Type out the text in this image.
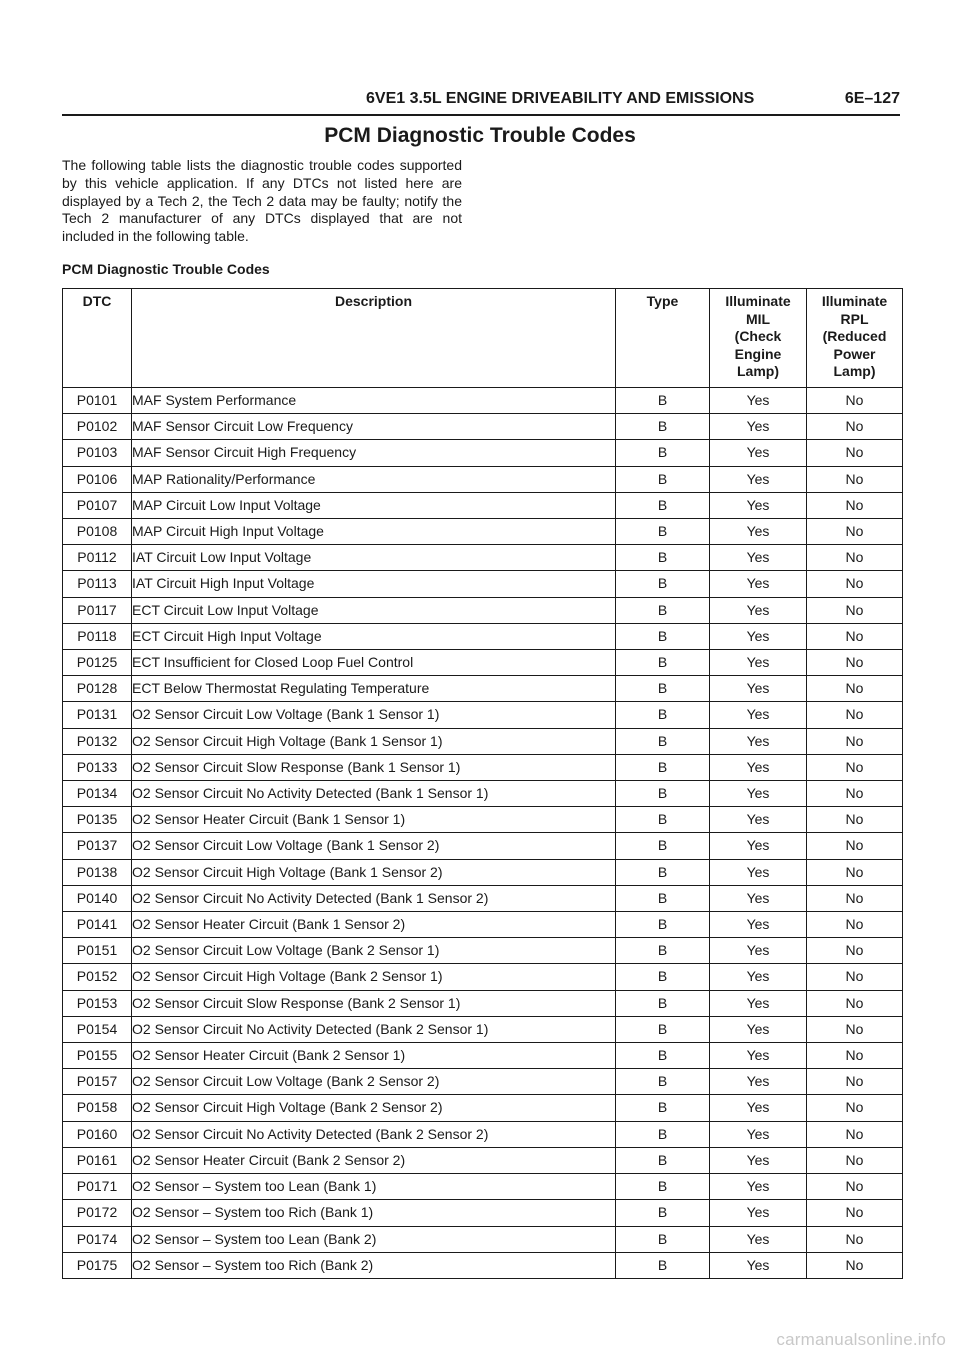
6VE1 3.5L ENGINE DRIVEABILITY AND EMISSIONS	6E–127
PCM Diagnostic Trouble Codes
The following table lists the diagnostic trouble codes supported by this vehicle application. If any DTCs not listed here are displayed by a Tech 2, the Tech 2 data may be faulty; notify the Tech 2 manufacturer of any DTCs displayed that are not included in the following table.
PCM Diagnostic Trouble Codes
DTC	Description	Type	Illuminate
MIL
(Check
Engine
Lamp)	Illuminate
RPL
(Reduced
Power
Lamp)
P0101	MAF System Performance	B	Yes	No
P0102	MAF Sensor Circuit Low Frequency	B	Yes	No
P0103	MAF Sensor Circuit High Frequency	B	Yes	No
P0106	MAP Rationality/Performance	B	Yes	No
P0107	MAP Circuit Low Input Voltage	B	Yes	No
P0108	MAP Circuit High Input Voltage	B	Yes	No
P0112	IAT Circuit Low Input Voltage	B	Yes	No
P0113	IAT Circuit High Input Voltage	B	Yes	No
P0117	ECT Circuit Low Input Voltage	B	Yes	No
P0118	ECT Circuit High Input Voltage	B	Yes	No
P0125	ECT Insufficient for Closed Loop Fuel Control	B	Yes	No
P0128	ECT Below Thermostat Regulating Temperature	B	Yes	No
P0131	O2 Sensor Circuit Low Voltage (Bank 1 Sensor 1)	B	Yes	No
P0132	O2 Sensor Circuit High Voltage (Bank 1 Sensor 1)	B	Yes	No
P0133	O2 Sensor Circuit Slow Response (Bank 1 Sensor 1)	B	Yes	No
P0134	O2 Sensor Circuit No Activity Detected (Bank 1 Sensor 1)	B	Yes	No
P0135	O2 Sensor Heater Circuit (Bank 1 Sensor 1)	B	Yes	No
P0137	O2 Sensor Circuit Low Voltage (Bank 1 Sensor 2)	B	Yes	No
P0138	O2 Sensor Circuit High Voltage (Bank 1 Sensor 2)	B	Yes	No
P0140	O2 Sensor Circuit No Activity Detected (Bank 1 Sensor 2)	B	Yes	No
P0141	O2 Sensor Heater Circuit (Bank 1 Sensor 2)	B	Yes	No
P0151	O2 Sensor Circuit Low Voltage (Bank 2 Sensor 1)	B	Yes	No
P0152	O2 Sensor Circuit High Voltage (Bank 2 Sensor 1)	B	Yes	No
P0153	O2 Sensor Circuit Slow Response (Bank 2 Sensor 1)	B	Yes	No
P0154	O2 Sensor Circuit No Activity Detected (Bank 2 Sensor 1)	B	Yes	No
P0155	O2 Sensor Heater Circuit (Bank 2 Sensor 1)	B	Yes	No
P0157	O2 Sensor Circuit Low Voltage (Bank 2 Sensor 2)	B	Yes	No
P0158	O2 Sensor Circuit High Voltage (Bank 2 Sensor 2)	B	Yes	No
P0160	O2 Sensor Circuit No Activity Detected (Bank 2 Sensor 2)	B	Yes	No
P0161	O2 Sensor Heater Circuit (Bank 2 Sensor 2)	B	Yes	No
P0171	O2 Sensor – System too Lean (Bank 1)	B	Yes	No
P0172	O2 Sensor – System too Rich (Bank 1)	B	Yes	No
P0174	O2 Sensor – System too Lean (Bank 2)	B	Yes	No
P0175	O2 Sensor – System too Rich (Bank 2)	B	Yes	No
carmanualsonline.info
